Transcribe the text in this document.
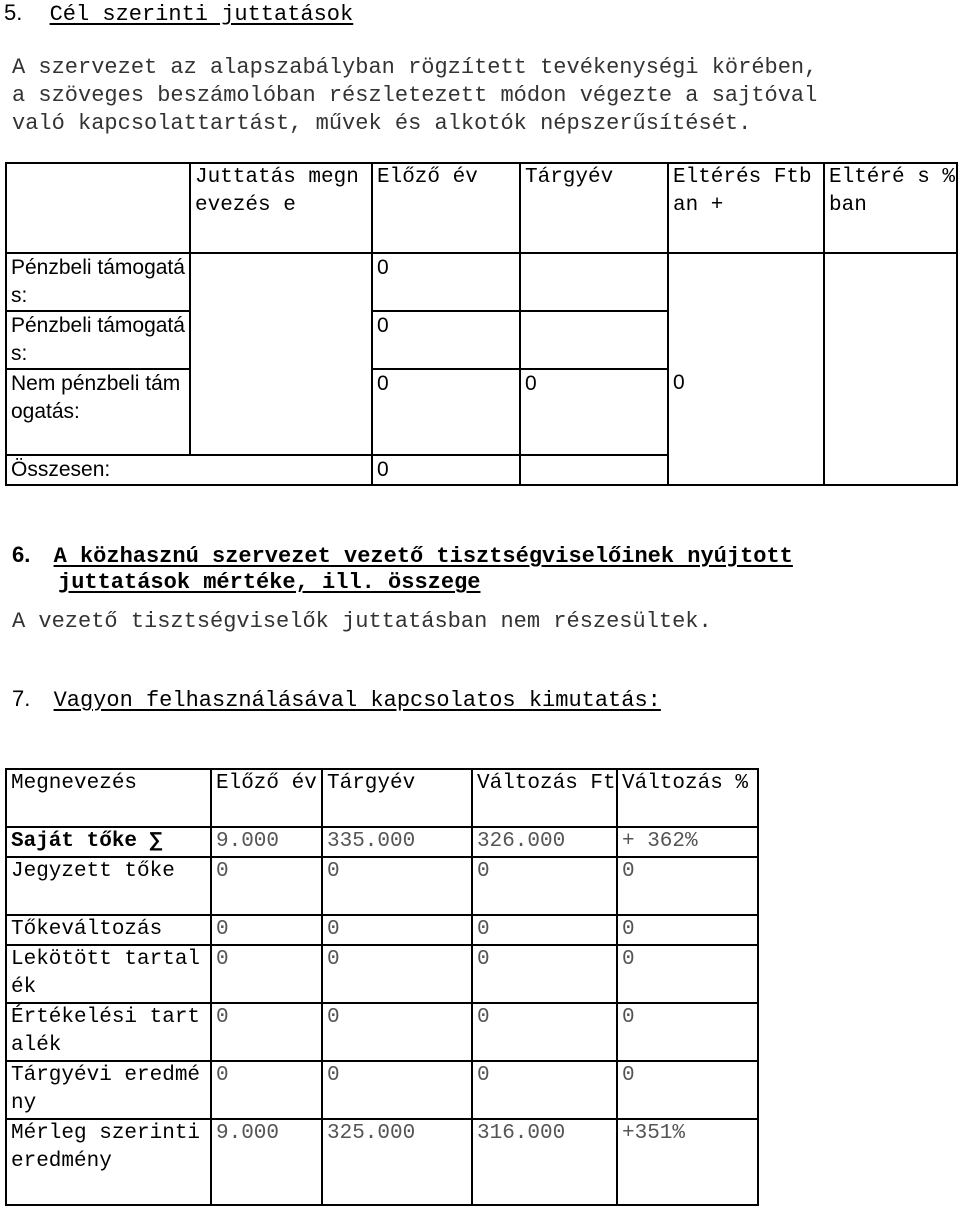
5. Cél szerinti juttatások
A szervezet az alapszabályban rögzített tevékenységi körében,
a szöveges beszámolóban részletezett módon végezte a sajtóval
való kapcsolattartást, művek és alkotók népszerűsítését.
	Juttatás megnevezés e	Előző év	Tárgyév	Eltérés Ftban +	Eltéré s %ban
Pénzbeli támogatás:		0			
Pénzbeli támogatás:		0			
Nem pénzbeli támogatás:		0	0	0	
Összesen:		0			
6. A közhasznú szervezet vezető tisztségviselőinek nyújtott
juttatások mértéke, ill. összege
A vezető tisztségviselők juttatásban nem részesültek.
7. Vagyon felhasználásával kapcsolatos kimutatás:
Megnevezés	Előző év	Tárgyév	Változás Ft	Változás %
Saját tőke ∑	9.000	335.000	326.000	+ 362%
Jegyzett tőke	0	0	0	0
Tőkeváltozás	0	0	0	0
Lekötött tartalék	0	0	0	0
Értékelési tartalék	0	0	0	0
Tárgyévi eredmény	0	0	0	0
Mérleg szerinti eredmény	9.000	325.000	316.000	+351%
